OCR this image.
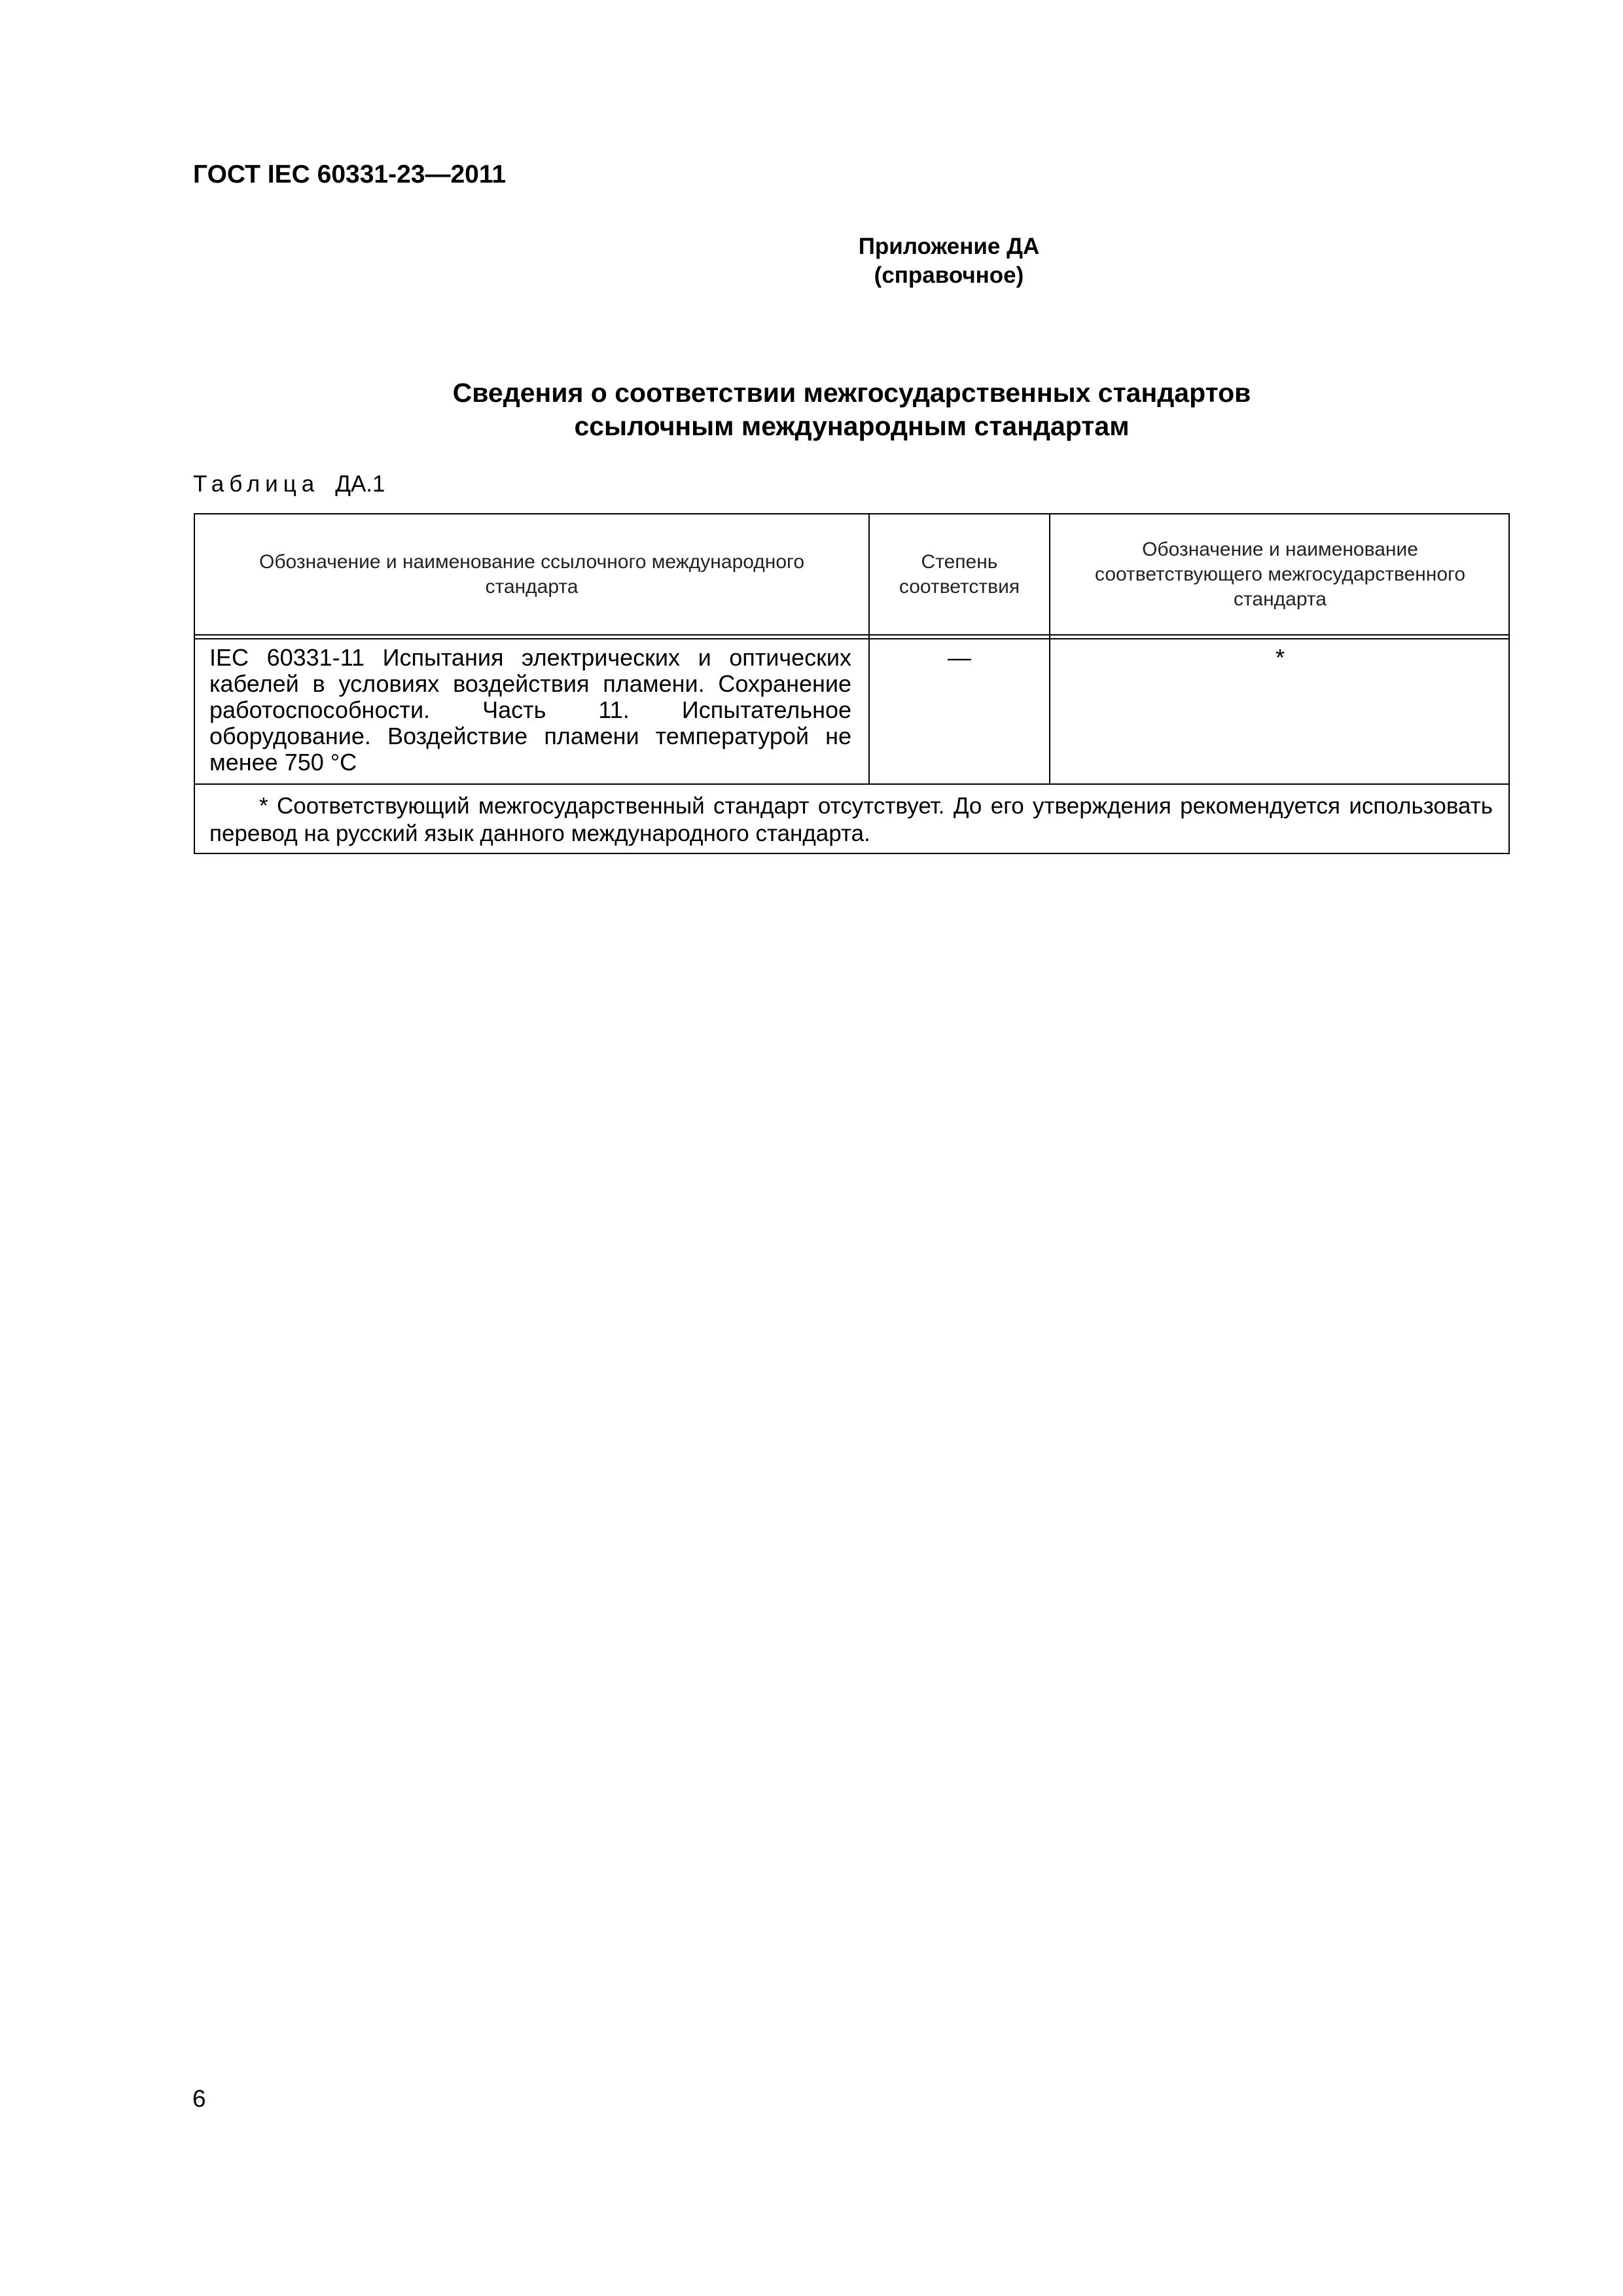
ГОСТ IEC 60331-23—2011
Приложение ДА
(справочное)
Сведения о соответствии межгосударственных стандартов
ссылочным международным стандартам
Таблица ДА.1
Обозначение и наименование ссылочного международного стандарта
Степень соответствия
Обозначение и наименование соответствующего межгосударственного стандарта
IEC 60331-11 Испытания электрических и оптических кабелей в условиях воздействия пламени. Сохранение работоспособности. Часть 11. Испытательное оборудование. Воздействие пламени температурой не менее 750 °С
—	*
* Соответствующий межгосударственный стандарт отсутствует. До его утверждения рекомендуется использовать перевод на русский язык данного международного стандарта.
6
